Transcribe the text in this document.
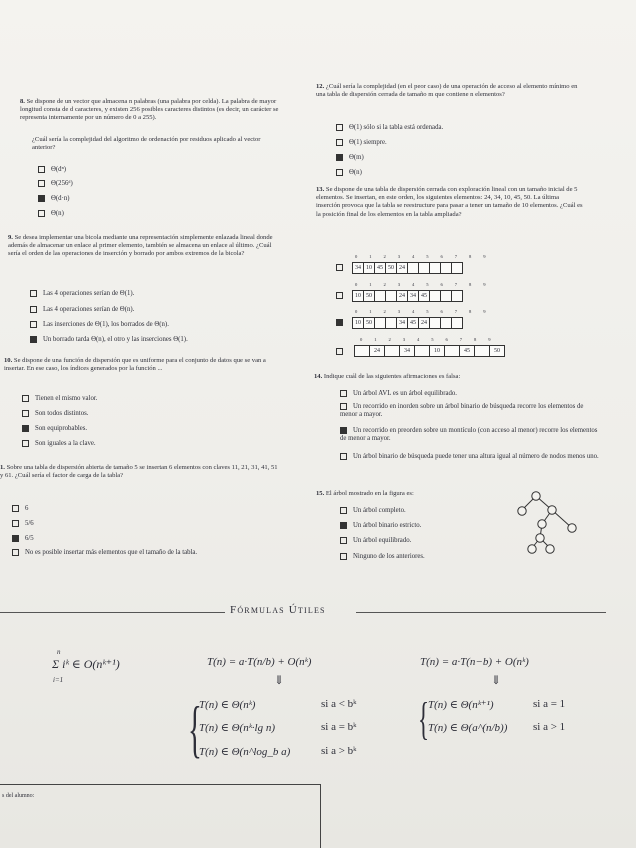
8. Se dispone de un vector que almacena n palabras (una palabra por celda). La palabra de mayor longitud consta de d caracteres, y existen 256 posibles caracteres distintos (es decir, un carácter se representa internamente por un número de 0 a 255).
¿Cuál sería la complejidad del algoritmo de ordenación por residuos aplicado al vector anterior?
Θ(dⁿ)
Θ(256ᵈ)
Θ(d·n)
Θ(n)
9. Se desea implementar una bicola mediante una representación simplemente enlazada lineal donde además de almacenar un enlace al primer elemento, también se almacena un enlace al último. ¿Cuál sería el orden de las operaciones de inserción y borrado por ambos extremos de la bicola?
Las 4 operaciones serían de Θ(1).
Las 4 operaciones serían de Θ(n).
Las inserciones de Θ(1), los borrados de Θ(n).
Un borrado tarda Θ(n), el otro y las inserciones Θ(1).
10. Se dispone de una función de dispersión que es uniforme para el conjunto de datos que se van a insertar. En ese caso, los índices generados por la función ...
Tienen el mismo valor.
Son todos distintos.
Son equiprobables.
Son iguales a la clave.
1. Sobre una tabla de dispersión abierta de tamaño 5 se insertan 6 elementos con claves 11, 21, 31, 41, 51 y 61. ¿Cuál sería el factor de carga de la tabla?
6
5/6
6/5
No es posible insertar más elementos que el tamaño de la tabla.
12. ¿Cuál sería la complejidad (en el peor caso) de una operación de acceso al elemento mínimo en una tabla de dispersión cerrada de tamaño m que contiene n elementos?
Θ(1) sólo si la tabla está ordenada.
Θ(1) siempre.
Θ(m)
Θ(n)
13. Se dispone de una tabla de dispersión cerrada con exploración lineal con un tamaño inicial de 5 elementos. Se insertan, en este orden, los siguientes elementos: 24, 34, 10, 45, 50. La última inserción provoca que la tabla se reestructure para pasar a tener un tamaño de 10 elementos. ¿Cuál es la posición final de los elementos en la tabla ampliada?
0 1 2 3 4 5 6 7 8 9
34 10 45 50 24
0 1 2 3 4 5 6 7 8 9
10 50	24 34 45
0 1 2 3 4 5 6 7 8 9
10 50	34 45 24
0 1 2 3 4 5 6 7 8 9
24	34	10	45	50
14. Indique cuál de las siguientes afirmaciones es falsa:
Un árbol AVL es un árbol equilibrado.
Un recorrido en inorden sobre un árbol binario de búsqueda recorre los elementos de menor a mayor.
Un recorrido en preorden sobre un montículo (con acceso al menor) recorre los elementos de menor a mayor.
Un árbol binario de búsqueda puede tener una altura igual al número de nodos menos uno.
15. El árbol mostrado en la figura es:
Un árbol completo.
Un árbol binario estricto.
Un árbol equilibrado.
Ninguno de los anteriores.
Fórmulas Útiles
n
Σ iᵏ ∈ O(nᵏ⁺¹)
i=1
T(n) = a·T(n/b) + O(nᵏ)	T(n) = a·T(n−b) + O(nᵏ)
⇓	⇓
{
T(n) ∈ Θ(nᵏ)	si a < bᵏ
T(n) ∈ Θ(nᵏ·lg n)	si a = bᵏ
T(n) ∈ Θ(n^log_b a)	si a > bᵏ
{
T(n) ∈ Θ(nᵏ⁺¹)	si a = 1
T(n) ∈ Θ(a^(n/b)) si a > 1
s del alumno:
